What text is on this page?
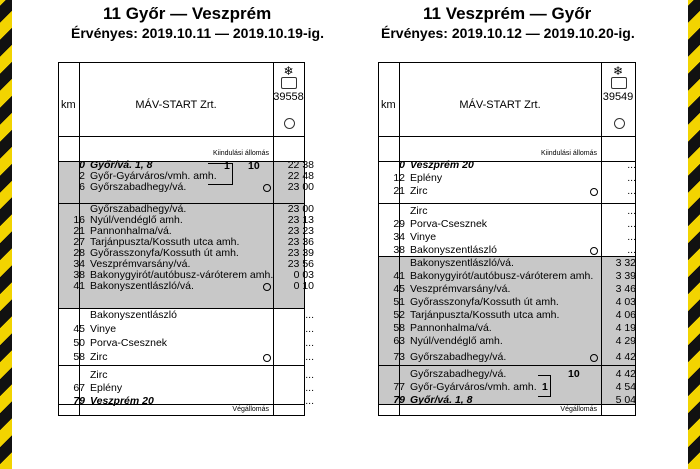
11 Győr — Veszprém
Érvényes: 2019.10.11 — 2019.10.19-ig.
km	MÁV-START Zrt.
❄
39558
Kiindulási állomás
Végállomás
0 Győr/vá. 1, 8	22 38
2 Győr-Gyárváros/vmh. amh.	22 48
6 Győrszabadhegy/vá.	23 00
Győrszabadhegy/vá.	23 00
16 Nyúl/vendéglő amh.	23 13
21 Pannonhalma/vá.	23 23
27 Tarjánpuszta/Kossuth utca amh.	23 36
28 Győrasszonyfa/Kossuth út amh.	23 39
34 Veszprémvarsány/vá.	23 56
38 Bakonygyirót/autóbusz-váróterem amh.	0 03
41 Bakonyszentlászló/vá.	0 10
Bakonyszentlászló	...
45 Vinye	...
50 Porva-Csesznek	...
58 Zirc	...
Zirc	...
67 Eplény	...
79 Veszprém 20	...
1 10
11 Veszprém — Győr
Érvényes: 2019.10.12 — 2019.10.20-ig.
km	MÁV-START Zrt.
❄
39549
Kiindulási állomás
Végállomás
0 Veszprém 20	...
12 Eplény	...
21 Zirc	...
Zirc	...
29 Porva-Csesznek	...
34 Vinye	...
38 Bakonyszentlászló	...
Bakonyszentlászló/vá.	3 32
41 Bakonygyirót/autóbusz-váróterem amh.	3 39
45 Veszprémvarsány/vá.	3 46
51 Győrasszonyfa/Kossuth út amh.	4 03
52 Tarjánpuszta/Kossuth utca amh.	4 06
58 Pannonhalma/vá.	4 19
63 Nyúl/vendéglő amh.	4 29
73 Győrszabadhegy/vá.	4 42
Győrszabadhegy/vá.	4 42
77 Győr-Gyárváros/vmh. amh.	4 54
79 Győr/vá. 1, 8	5 04
1
10
